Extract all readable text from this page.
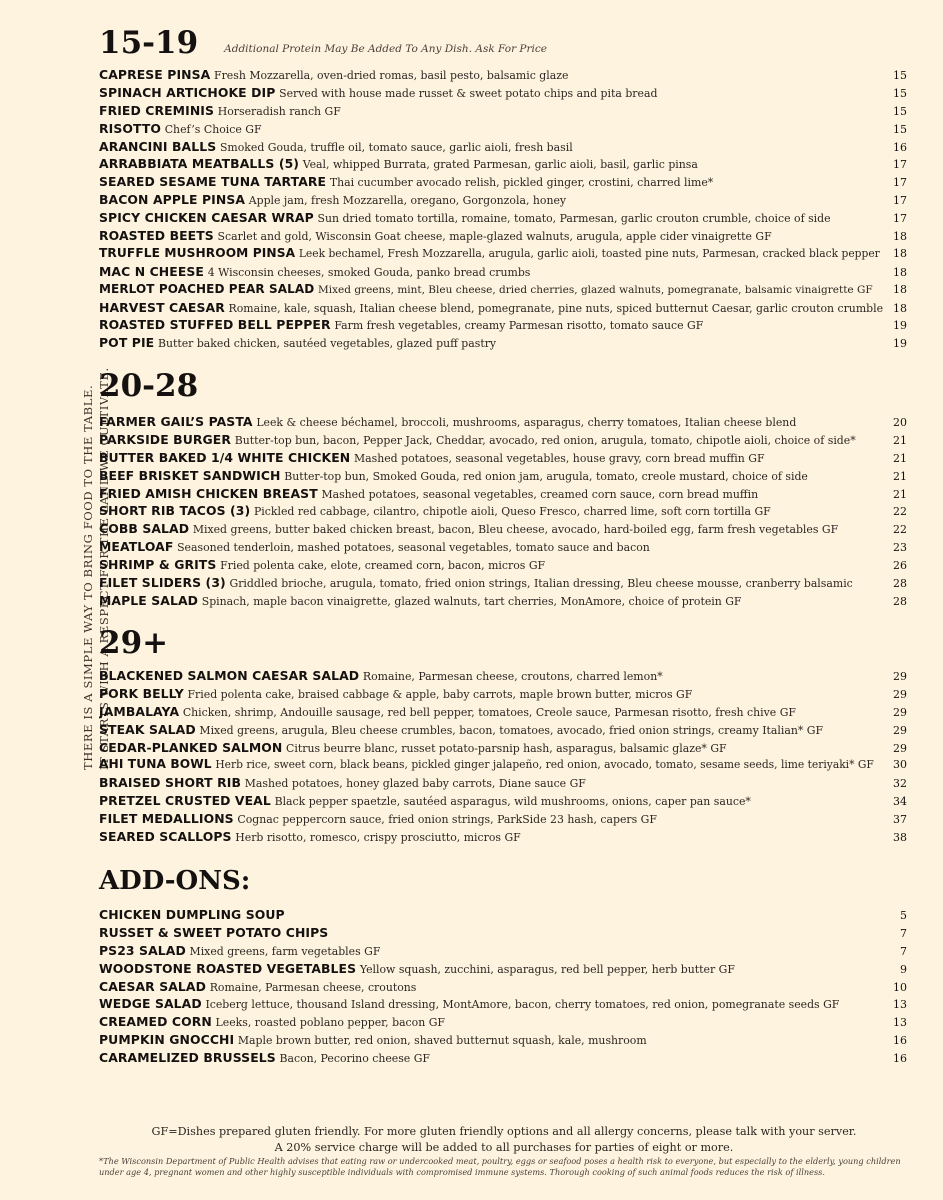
THERE IS A SIMPLE WAY TO BRING FOOD TO THE TABLE. IT STARTS WITH A RESPECT FOR THE LAND WE CULTIVATE.
15-19 Additional Protein May Be Added To Any Dish. Ask For Price
CAPRESE PINSA Fresh Mozzarella, oven-dried romas, basil pesto, balsamic glaze	15
SPINACH ARTICHOKE DIP Served with house made russet & sweet potato chips and pita bread	15
FRIED CREMINIS Horseradish ranch GF	15
RISOTTO Chef’s Choice GF	15
ARANCINI BALLS Smoked Gouda, truffle oil, tomato sauce, garlic aioli, fresh basil	16
ARRABBIATA MEATBALLS (5) Veal, whipped Burrata, grated Parmesan, garlic aioli, basil, garlic pinsa	17
SEARED SESAME TUNA TARTARE Thai cucumber avocado relish, pickled ginger, crostini, charred lime*	17
BACON APPLE PINSA Apple jam, fresh Mozzarella, oregano, Gorgonzola, honey	17
SPICY CHICKEN CAESAR WRAP Sun dried tomato tortilla, romaine, tomato, Parmesan, garlic crouton crumble, choice of side	17
ROASTED BEETS Scarlet and gold, Wisconsin Goat cheese, maple-glazed walnuts, arugula, apple cider vinaigrette GF	18
TRUFFLE MUSHROOM PINSA Leek bechamel, Fresh Mozzarella, arugula, garlic aioli, toasted pine nuts, Parmesan, cracked black pepper	18
MAC N CHEESE 4 Wisconsin cheeses, smoked Gouda, panko bread crumbs	18
MERLOT POACHED PEAR SALAD Mixed greens, mint, Bleu cheese, dried cherries, glazed walnuts, pomegranate, balsamic vinaigrette GF	18
HARVEST CAESAR Romaine, kale, squash, Italian cheese blend, pomegranate, pine nuts, spiced butternut Caesar, garlic crouton crumble 18
ROASTED STUFFED BELL PEPPER Farm fresh vegetables, creamy Parmesan risotto, tomato sauce GF	19
POT PIE Butter baked chicken, sautéed vegetables, glazed puff pastry	19
20-28
FARMER GAIL’S PASTA Leek & cheese béchamel, broccoli, mushrooms, asparagus, cherry tomatoes, Italian cheese blend	20
PARKSIDE BURGER Butter-top bun, bacon, Pepper Jack, Cheddar, avocado, red onion, arugula, tomato, chipotle aioli, choice of side*	21
BUTTER BAKED 1/4 WHITE CHICKEN Mashed potatoes, seasonal vegetables, house gravy, corn bread muffin GF	21
BEEF BRISKET SANDWICH Butter-top bun, Smoked Gouda, red onion jam, arugula, tomato, creole mustard, choice of side	21
FRIED AMISH CHICKEN BREAST Mashed potatoes, seasonal vegetables, creamed corn sauce, corn bread muffin	21
SHORT RIB TACOS (3) Pickled red cabbage, cilantro, chipotle aioli, Queso Fresco, charred lime, soft corn tortilla GF	22
COBB SALAD Mixed greens, butter baked chicken breast, bacon, Bleu cheese, avocado, hard-boiled egg, farm fresh vegetables GF	22
MEATLOAF Seasoned tenderloin, mashed potatoes, seasonal vegetables, tomato sauce and bacon	23
SHRIMP & GRITS Fried polenta cake, elote, creamed corn, bacon, micros GF	26
FILET SLIDERS (3) Griddled brioche, arugula, tomato, fried onion strings, Italian dressing, Bleu cheese mousse, cranberry balsamic	28
MAPLE SALAD Spinach, maple bacon vinaigrette, glazed walnuts, tart cherries, MonAmore, choice of protein GF	28
29+
BLACKENED SALMON CAESAR SALAD Romaine, Parmesan cheese, croutons, charred lemon*	29
PORK BELLY Fried polenta cake, braised cabbage & apple, baby carrots, maple brown butter, micros GF	29
JAMBALAYA Chicken, shrimp, Andouille sausage, red bell pepper, tomatoes, Creole sauce, Parmesan risotto, fresh chive GF	29
STEAK SALAD Mixed greens, arugula, Bleu cheese crumbles, bacon, tomatoes, avocado, fried onion strings, creamy Italian* GF	29
CEDAR-PLANKED SALMON Citrus beurre blanc, russet potato-parsnip hash, asparagus, balsamic glaze* GF	29
AHI TUNA BOWL Herb rice, sweet corn, black beans, pickled ginger jalapeño, red onion, avocado, tomato, sesame seeds, lime teriyaki* GF	30
BRAISED SHORT RIB Mashed potatoes, honey glazed baby carrots, Diane sauce GF	32
PRETZEL CRUSTED VEAL Black pepper spaetzle, sautéed asparagus, wild mushrooms, onions, caper pan sauce*	34
FILET MEDALLIONS Cognac peppercorn sauce, fried onion strings, ParkSide 23 hash, capers GF	37
SEARED SCALLOPS Herb risotto, romesco, crispy prosciutto, micros GF	38
ADD-ONS:
CHICKEN DUMPLING SOUP	5
RUSSET & SWEET POTATO CHIPS	7
PS23 SALAD Mixed greens, farm vegetables GF	7
WOODSTONE ROASTED VEGETABLES Yellow squash, zucchini, asparagus, red bell pepper, herb butter GF	9
CAESAR SALAD Romaine, Parmesan cheese, croutons	10
WEDGE SALAD Iceberg lettuce, thousand Island dressing, MontAmore, bacon, cherry tomatoes, red onion, pomegranate seeds GF	13
CREAMED CORN Leeks, roasted poblano pepper, bacon GF	13
PUMPKIN GNOCCHI Maple brown butter, red onion, shaved butternut squash, kale, mushroom	16
CARAMELIZED BRUSSELS Bacon, Pecorino cheese GF	16
GF=Dishes prepared gluten friendly. For more gluten friendly options and all allergy concerns, please talk with your server.
A 20% service charge will be added to all purchases for parties of eight or more.
*The Wisconsin Department of Public Health advises that eating raw or undercooked meat, poultry, eggs or seafood poses a health risk to everyone, but especially to the elderly, young children under age 4, pregnant women and other highly susceptible individuals with compromised immune systems. Thorough cooking of such animal foods reduces the risk of illness.
